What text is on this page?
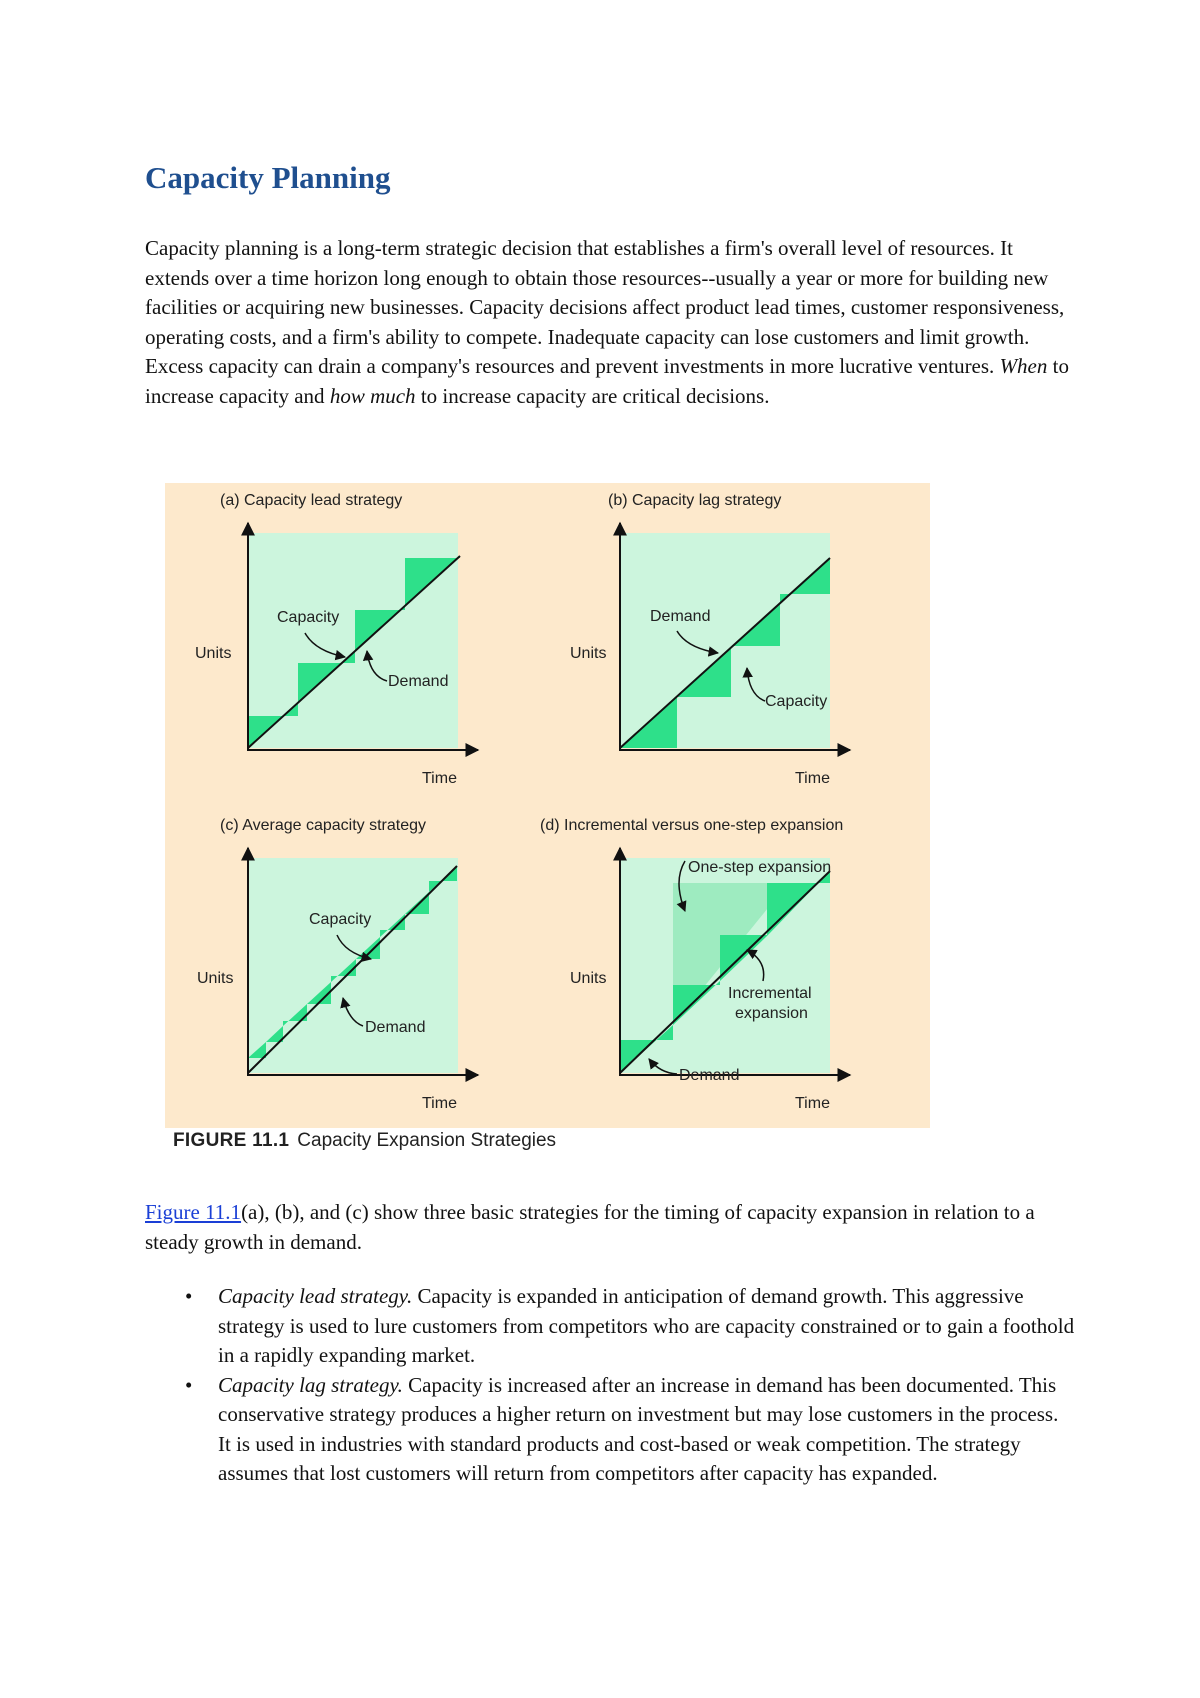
Capacity Planning

Capacity planning is a long-term strategic decision that establishes a firm's overall level of resources. It extends over a time horizon long enough to obtain those resources--usually a year or more for building new facilities or acquiring new businesses. Capacity decisions affect product lead times, customer responsiveness, operating costs, and a firm's ability to compete. Inadequate capacity can lose customers and limit growth. Excess capacity can drain a company's resources and prevent investments in more lucrative ventures. When to increase capacity and how much to increase capacity are critical decisions.

(a) Capacity lead strategy
Units
Time
Capacity
Demand
(b) Capacity lag strategy
Units
Time
Demand
Capacity
(c) Average capacity strategy
Units
Time
Capacity
Demand
(d) Incremental versus one-step expansion
Units
Time
One-step expansion
Incremental
expansion
Demand

FIGURE 11.1 Capacity Expansion Strategies

Figure 11.1(a), (b), and (c) show three basic strategies for the timing of capacity expansion in relation to a steady growth in demand.

• Capacity lead strategy. Capacity is expanded in anticipation of demand growth. This aggressive strategy is used to lure customers from competitors who are capacity constrained or to gain a foothold in a rapidly expanding market.
• Capacity lag strategy. Capacity is increased after an increase in demand has been documented. This conservative strategy produces a higher return on investment but may lose customers in the process. It is used in industries with standard products and cost-based or weak competition. The strategy assumes that lost customers will return from competitors after capacity has expanded.
